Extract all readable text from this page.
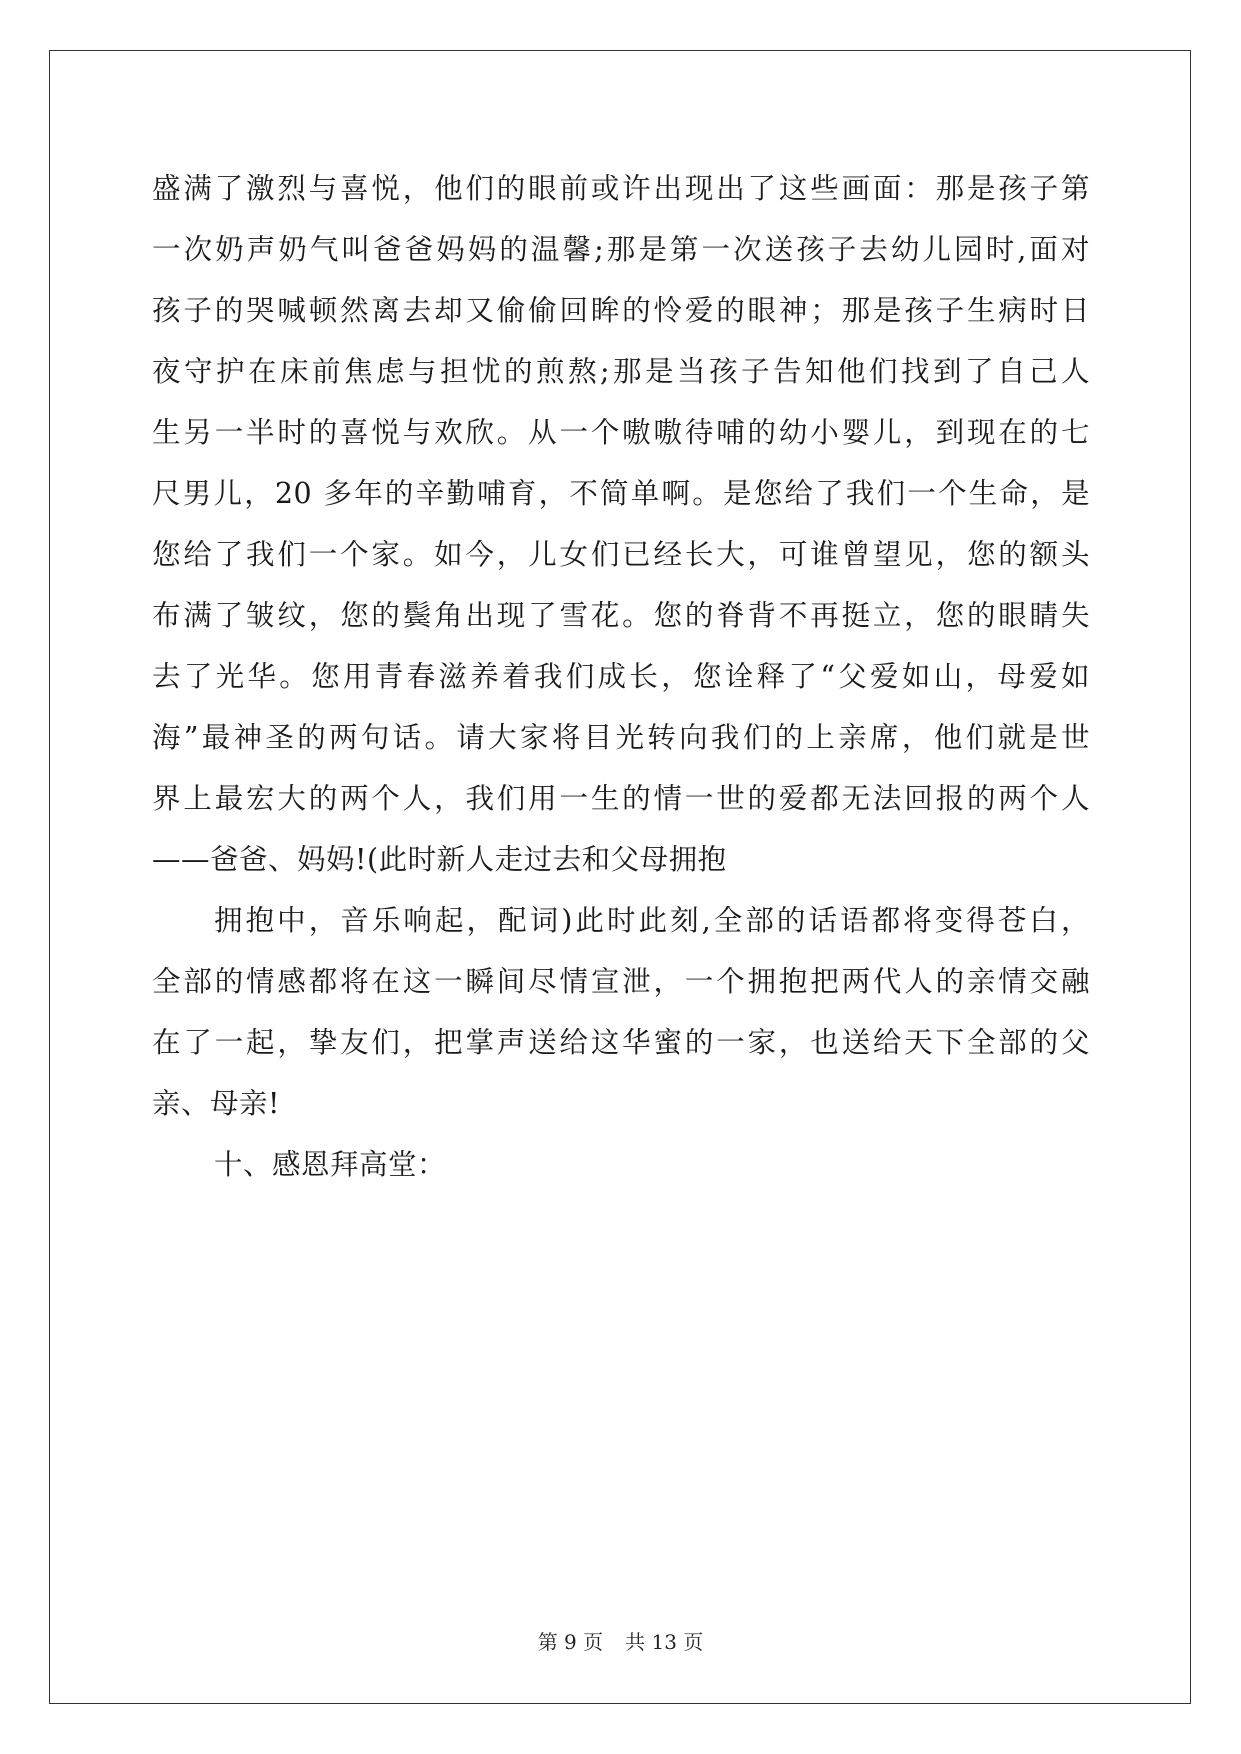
盛满了激烈与喜悦，他们的眼前或许出现出了这些画面：那是孩子第

一次奶声奶气叫爸爸妈妈的温馨;那是第一次送孩子去幼儿园时,面对

孩子的哭喊顿然离去却又偷偷回眸的怜爱的眼神；那是孩子生病时日

夜守护在床前焦虑与担忧的煎熬;那是当孩子告知他们找到了自己人

生另一半时的喜悦与欢欣。从一个嗷嗷待哺的幼小婴儿，到现在的七

尺男儿，20 多年的辛勤哺育，不简单啊。是您给了我们一个生命，是

您给了我们一个家。如今，儿女们已经长大，可谁曾望见，您的额头

布满了皱纹，您的鬓角出现了雪花。您的脊背不再挺立，您的眼睛失

去了光华。您用青春滋养着我们成长，您诠释了“父爱如山，母爱如

海”最神圣的两句话。请大家将目光转向我们的上亲席，他们就是世

界上最宏大的两个人，我们用一生的情一世的爱都无法回报的两个人

——爸爸、妈妈!(此时新人走过去和父母拥抱

拥抱中，音乐响起，配词)此时此刻,全部的话语都将变得苍白，

全部的情感都将在这一瞬间尽情宣泄，一个拥抱把两代人的亲情交融

在了一起，挚友们，把掌声送给这华蜜的一家，也送给天下全部的父

亲、母亲!

十、感恩拜高堂：

第 9 页 共 13 页
